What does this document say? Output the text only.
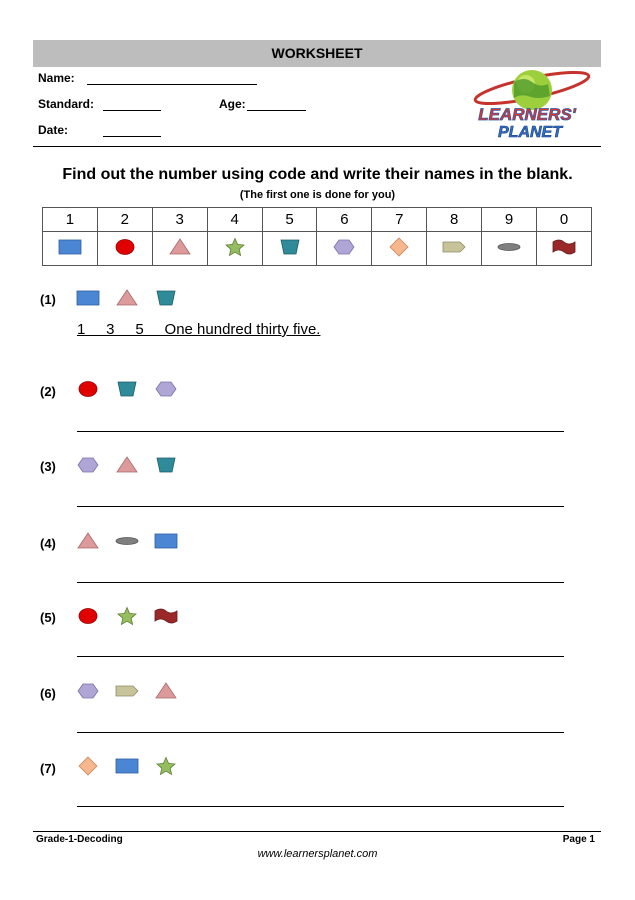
WORKSHEET
Name:
Standard:	Age:
Date:
LEARNERS'
PLANET
Find out the number using code and write their names in the blank.
(The first one is done for you)
1	2	3	4	5	6	7	8	9	0

(1)
1     3     5     One hundred thirty five.
(2)
(3)
(4)
(5)
(6)
(7)
Grade-1-Decoding	Page 1
www.learnersplanet.com
